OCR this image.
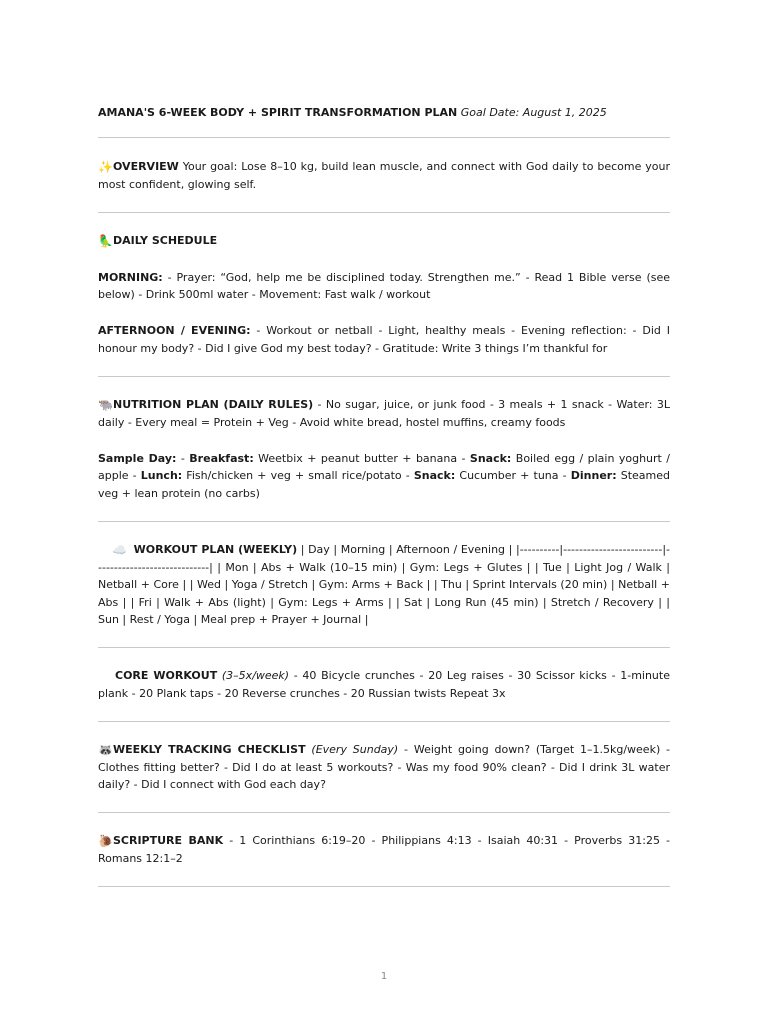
AMANA'S 6-WEEK BODY + SPIRIT TRANSFORMATION PLAN Goal Date: August 1, 2025

✨OVERVIEW Your goal: Lose 8–10 kg, build lean muscle, and connect with God daily to become your most confident, glowing self.

🦜DAILY SCHEDULE

MORNING: - Prayer: “God, help me be disciplined today. Strengthen me.” - Read 1 Bible verse (see below) - Drink 500ml water - Movement: Fast walk / workout

AFTERNOON / EVENING: - Workout or netball - Light, healthy meals - Evening reflection: - Did I honour my body? - Did I give God my best today? - Gratitude: Write 3 things I’m thankful for

🐃NUTRITION PLAN (DAILY RULES) - No sugar, juice, or junk food - 3 meals + 1 snack - Water: 3L daily - Every meal = Protein + Veg - Avoid white bread, hostel muffins, creamy foods

Sample Day: - Breakfast: Weetbix + peanut butter + banana - Snack: Boiled egg / plain yoghurt / apple - Lunch: Fish/chicken + veg + small rice/potato - Snack: Cucumber + tuna - Dinner: Steamed veg + lean protein (no carbs)

☁️ WORKOUT PLAN (WEEKLY) | Day | Morning | Afternoon / Evening | |----------|-------------------------|-----------------------------| | Mon | Abs + Walk (10–15 min) | Gym: Legs + Glutes | | Tue | Light Jog / Walk | Netball + Core | | Wed | Yoga / Stretch | Gym: Arms + Back | | Thu | Sprint Intervals (20 min) | Netball + Abs | | Fri | Walk + Abs (light) | Gym: Legs + Arms | | Sat | Long Run (45 min) | Stretch / Recovery | | Sun | Rest / Yoga | Meal prep + Prayer + Journal |

CORE WORKOUT (3–5x/week) - 40 Bicycle crunches - 20 Leg raises - 30 Scissor kicks - 1-minute plank - 20 Plank taps - 20 Reverse crunches - 20 Russian twists Repeat 3x

🦝WEEKLY TRACKING CHECKLIST (Every Sunday) - Weight going down? (Target 1–1.5kg/week) - Clothes fitting better? - Did I do at least 5 workouts? - Was my food 90% clean? - Did I drink 3L water daily? - Did I connect with God each day?

🐌SCRIPTURE BANK - 1 Corinthians 6:19–20 - Philippians 4:13 - Isaiah 40:31 - Proverbs 31:25 - Romans 12:1–2

1
